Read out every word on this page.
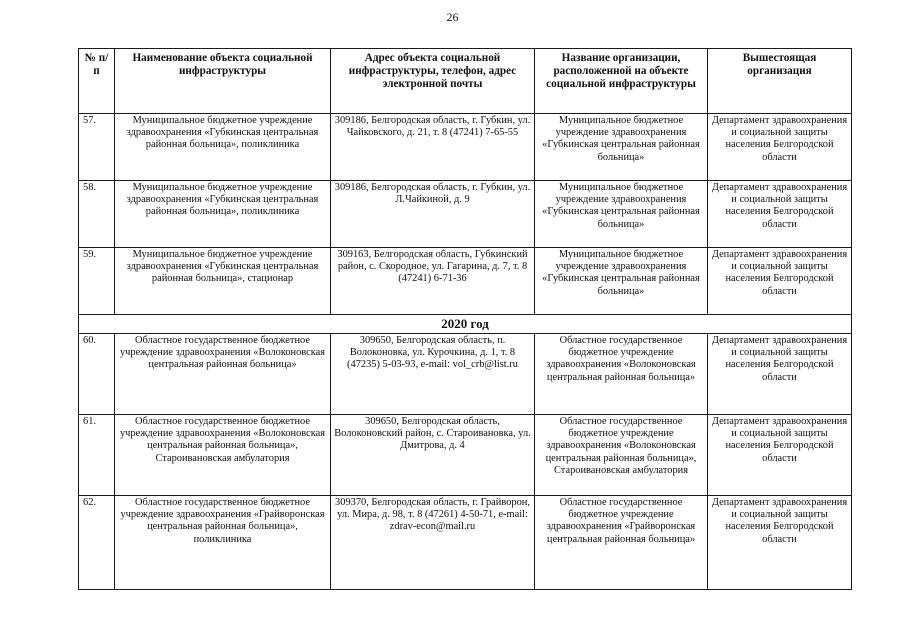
26
№ п/п	Наименование объекта социальной инфраструктуры	Адрес объекта социальной инфраструктуры, телефон, адрес электронной почты	Название организации, расположенной на объекте социальной инфраструктуры	Вышестоящая организация
57.	Муниципальное бюджетное учреждение здравоохранения «Губкинская центральная районная больница», поликлиника	309186, Белгородская область, г. Губкин, ул. Чайковского, д. 21, т. 8 (47241) 7-65-55	Муниципальное бюджетное учреждение здравоохранения «Губкинская центральная районная больница»	Департамент здравоохранения и социальной защиты населения Белгородской области
58.	Муниципальное бюджетное учреждение здравоохранения «Губкинская центральная районная больница», поликлиника	309186, Белгородская область, г. Губкин, ул. Л.Чайкиной, д. 9	Муниципальное бюджетное учреждение здравоохранения «Губкинская центральная районная больница»	Департамент здравоохранения и социальной защиты населения Белгородской области
59.	Муниципальное бюджетное учреждение здравоохранения «Губкинская центральная районная больница», стационар	309163, Белгородская область, Губкинский район, с. Скородное, ул. Гагарина, д. 7, т. 8 (47241) 6-71-36	Муниципальное бюджетное учреждение здравоохранения «Губкинская центральная районная больница»	Департамент здравоохранения и социальной защиты населения Белгородской области
2020 год				
60.	Областное государственное бюджетное учреждение здравоохранения «Волоконовская центральная районная больница»	309650, Белгородская область, п. Волоконовка, ул. Курочкина, д. 1, т. 8 (47235) 5-03-93, e-mail: vol_crb@list.ru	Областное государственное бюджетное учреждение здравоохранения «Волоконовская центральная районная больница»	Департамент здравоохранения и социальной защиты населения Белгородской области
61.	Областное государственное бюджетное учреждение здравоохранения «Волоконовская центральная районная больница», Староивановская амбулатория	309650, Белгородская область, Волоконовский район, с. Староивановка, ул. Дмитрова, д. 4	Областное государственное бюджетное учреждение здравоохранения «Волоконовская центральная районная больница», Староивановская амбулатория	Департамент здравоохранения и социальной защиты населения Белгородской области
62.	Областное государственное бюджетное учреждение здравоохранения «Грайворонская центральная районная больница», поликлиника	309370, Белгородская область, г. Грайворон, ул. Мира, д. 98, т. 8 (47261) 4-50-71, e-mail: zdrav-econ@mail.ru	Областное государственное бюджетное учреждение здравоохранения «Грайворонская центральная районная больница»	Департамент здравоохранения и социальной защиты населения Белгородской области
